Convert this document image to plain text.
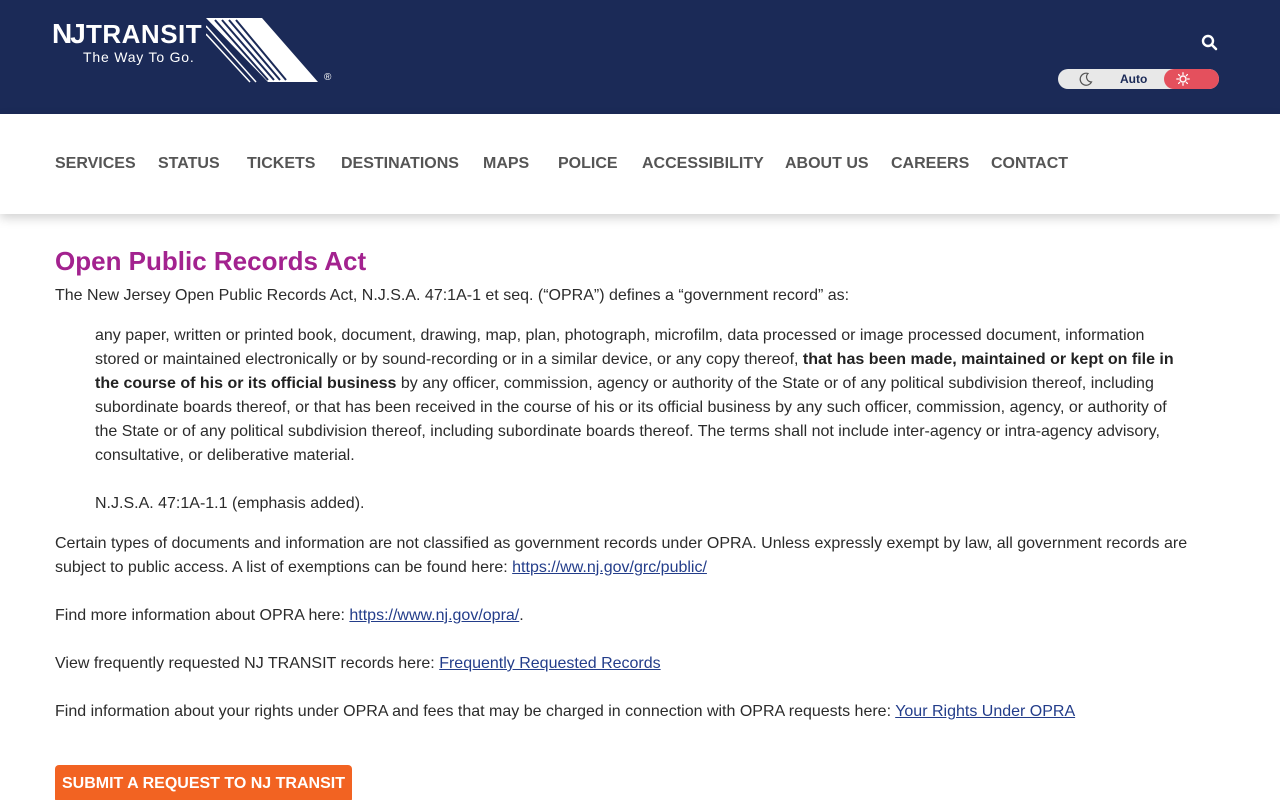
NJ TRANSIT
The Way To Go.
®	Auto
SERVICES STATUS TICKETS DESTINATIONS MAPS POLICE ACCESSIBILITY ABOUT US CAREERS CONTACT
Open Public Records Act

The New Jersey Open Public Records Act, N.J.S.A. 47:1A-1 et seq. (“OPRA”) defines a “government record” as:

any paper, written or printed book, document, drawing, map, plan, photograph, microfilm, data processed or image processed document, information stored or maintained electronically or by sound-recording or in a similar device, or any copy thereof, that has been made, maintained or kept on file in the course of his or its official business by any officer, commission, agency or authority of the State or of any political subdivision thereof, including subordinate boards thereof, or that has been received in the course of his or its official business by any such officer, commission, agency, or authority of the State or of any political subdivision thereof, including subordinate boards thereof. The terms shall not include inter-agency or intra-agency advisory, consultative, or deliberative material.

N.J.S.A. 47:1A-1.1 (emphasis added).

Certain types of documents and information are not classified as government records under OPRA. Unless expressly exempt by law, all government records are subject to public access. A list of exemptions can be found here: https://ww.nj.gov/grc/public/

Find more information about OPRA here: https://www.nj.gov/opra/.

View frequently requested NJ TRANSIT records here: Frequently Requested Records

Find information about your rights under OPRA and fees that may be charged in connection with OPRA requests here: Your Rights Under OPRA

SUBMIT A REQUEST TO NJ TRANSIT
